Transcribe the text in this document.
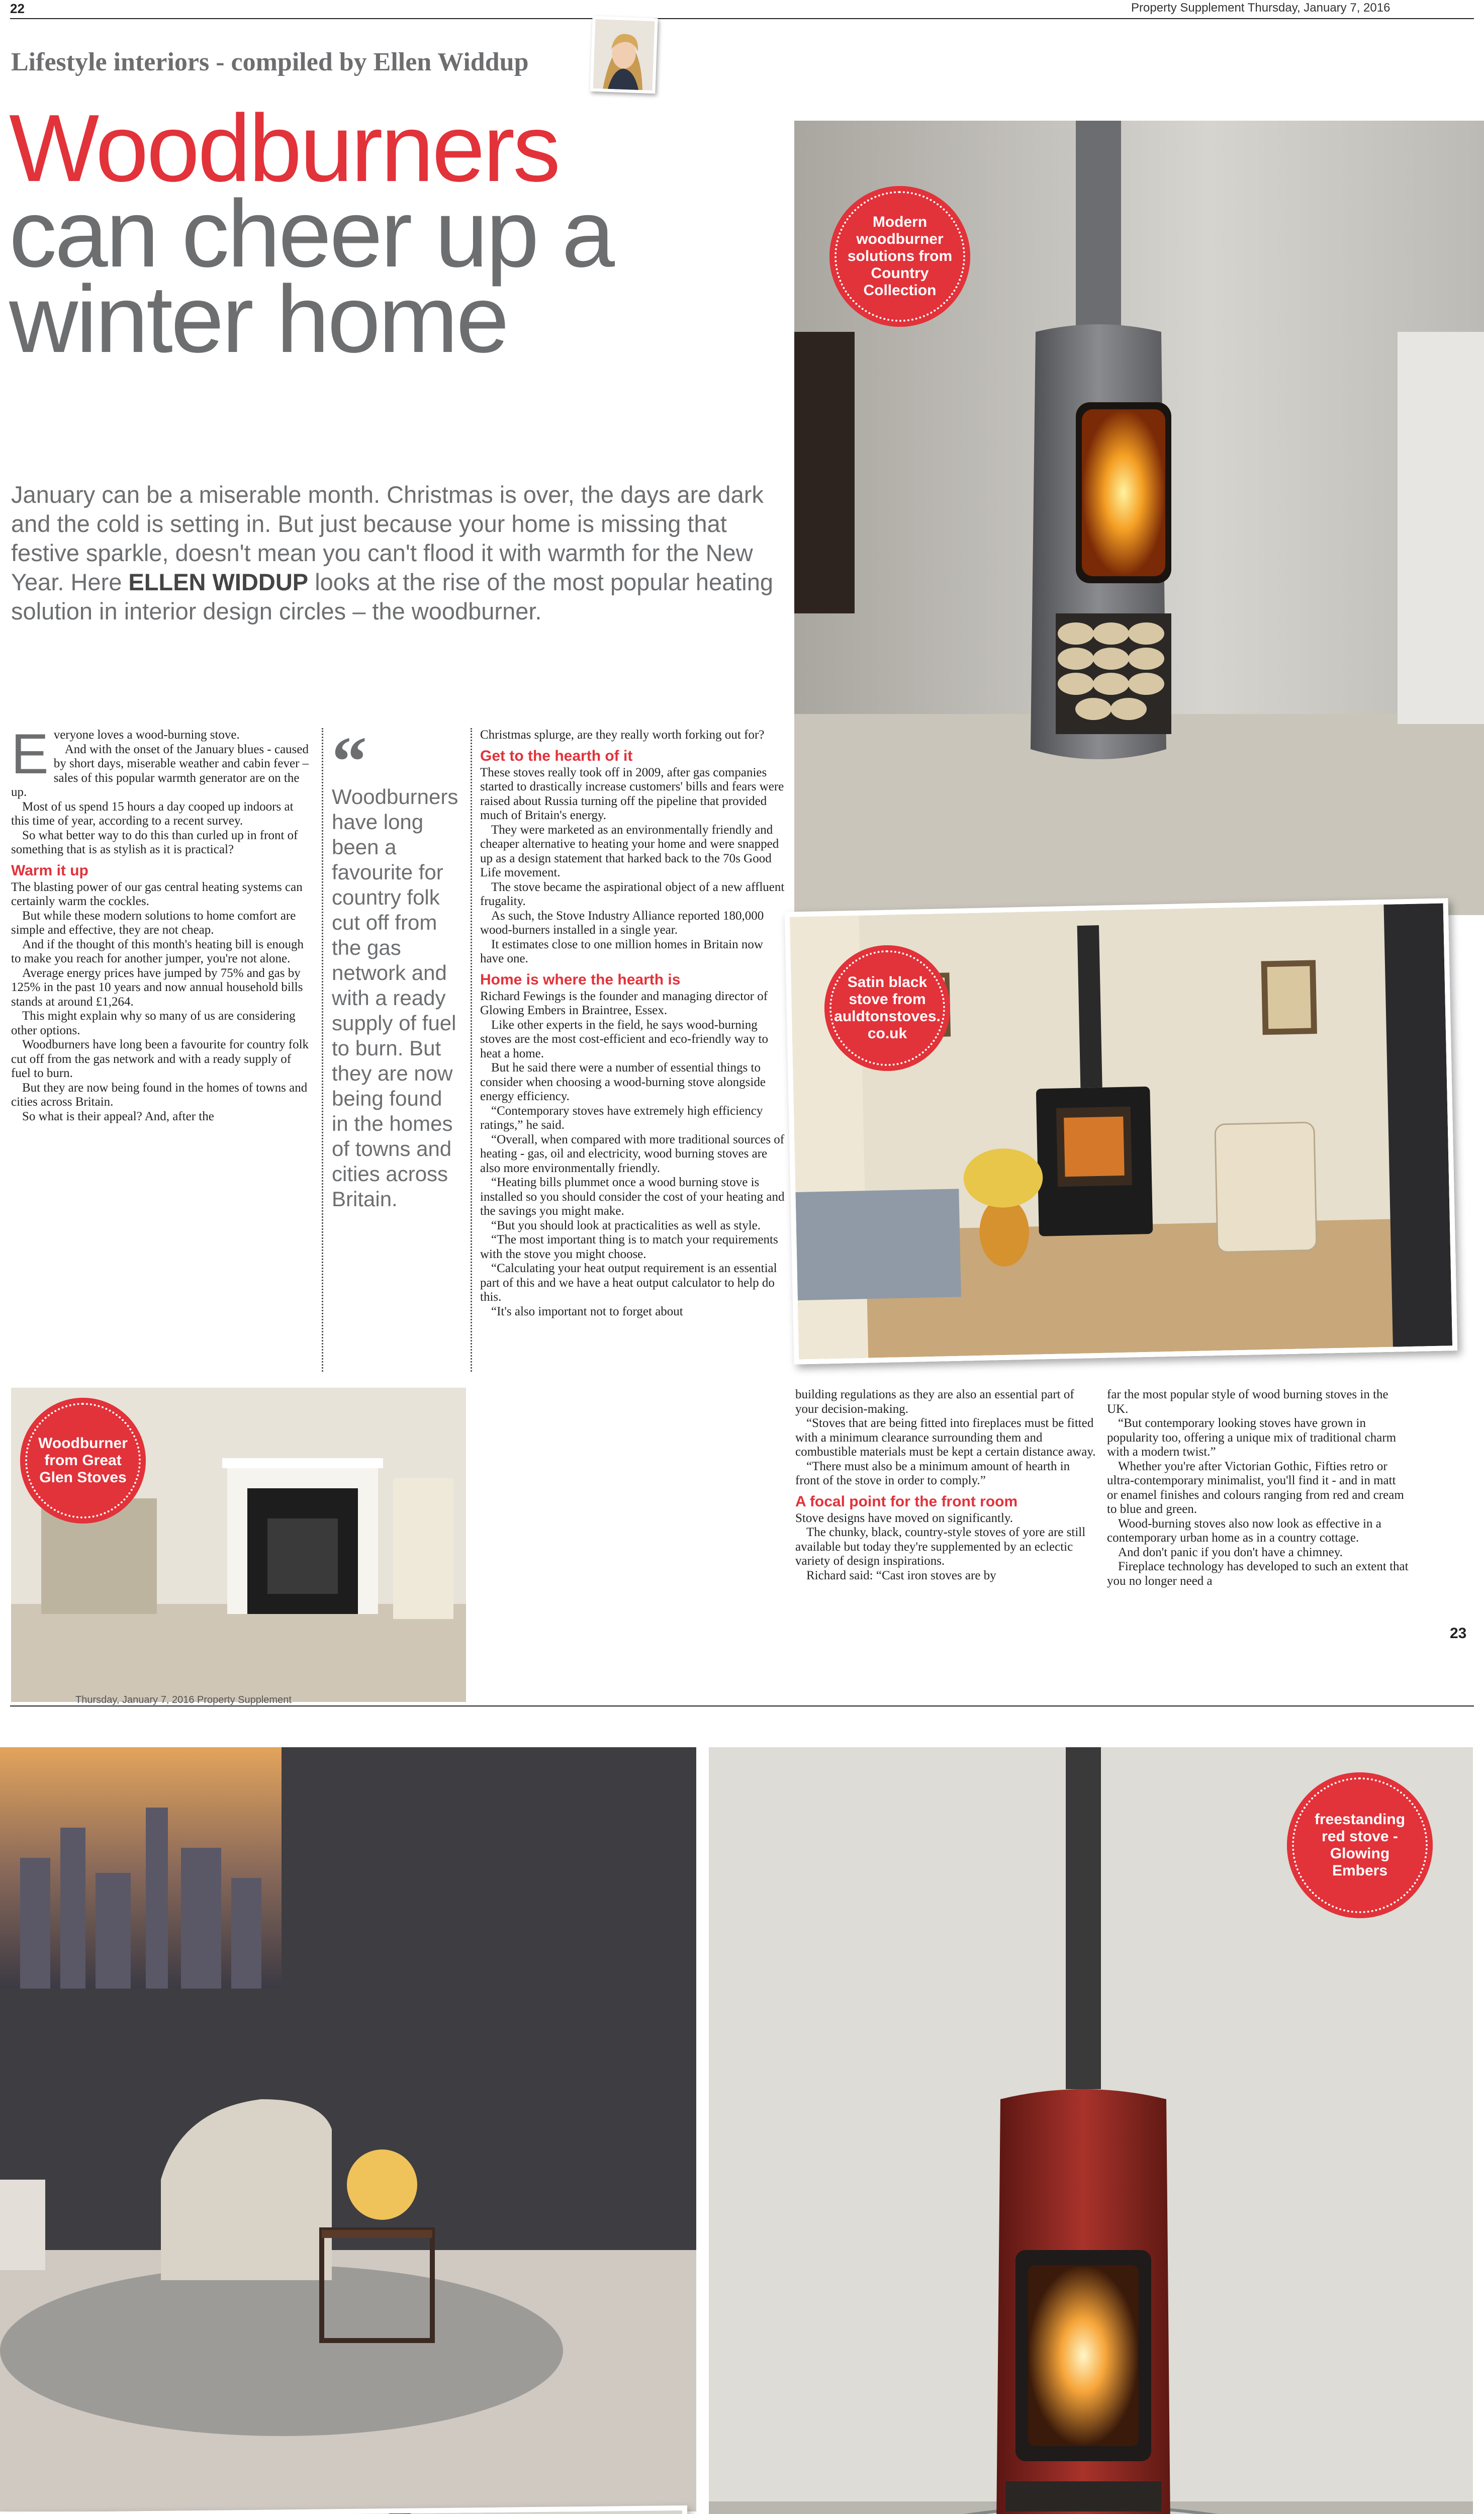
22	Property Supplement Thursday, January 7, 2016
Lifestyle interiors - compiled by Ellen Widdup
Woodburners
can cheer up a
winter home
January can be a miserable month. Christmas is over, the days are dark and the cold is setting in. But just because your home is missing that festive sparkle, doesn't mean you can't flood it with warmth for the New Year. Here ELLEN WIDDUP looks at the rise of the most popular heating solution in interior design circles – the woodburner.
E veryone loves a wood-burning stove.

And with the onset of the January blues - caused by short days, miserable weather and cabin fever – sales of this popular warmth generator are on the up.

Most of us spend 15 hours a day cooped up indoors at this time of year, according to a recent survey.

So what better way to do this than curled up in front of something that is as stylish as it is practical?

Warm it up

The blasting power of our gas central heating systems can certainly warm the cockles.

But while these modern solutions to home comfort are simple and effective, they are not cheap.

And if the thought of this month's heating bill is enough to make you reach for another jumper, you're not alone.

Average energy prices have jumped by 75% and gas by 125% in the past 10 years and now annual household bills stands at around £1,264.

This might explain why so many of us are considering other options.

Woodburners have long been a favourite for country folk cut off from the gas network and with a ready supply of fuel to burn.

But they are now being found in the homes of towns and cities across Britain.

So what is their appeal? And, after the

“
Woodburners have long been a favourite for country folk cut off from the gas network and with a ready supply of fuel to burn. But they are now being found in the homes of towns and cities across Britain.

Christmas splurge, are they really worth forking out for?

Get to the hearth of it

These stoves really took off in 2009, after gas companies started to drastically increase customers' bills and fears were raised about Russia turning off the pipeline that provided much of Britain's energy.

They were marketed as an environmentally friendly and cheaper alternative to heating your home and were snapped up as a design statement that harked back to the 70s Good Life movement.

The stove became the aspirational object of a new affluent frugality.

As such, the Stove Industry Alliance reported 180,000 wood-burners installed in a single year.

It estimates close to one million homes in Britain now have one.

Home is where the hearth is

Richard Fewings is the founder and managing director of Glowing Embers in Braintree, Essex.

Like other experts in the field, he says wood-burning stoves are the most cost-efficient and eco-friendly way to heat a home.

But he said there were a number of essential things to consider when choosing a wood-burning stove alongside energy efficiency.

“Contemporary stoves have extremely high efficiency ratings,” he said.

“Overall, when compared with more traditional sources of heating - gas, oil and electricity, wood burning stoves are also more environmentally friendly.

“Heating bills plummet once a wood burning stove is installed so you should consider the cost of your heating and the savings you might make.

“But you should look at practicalities as well as style.

“The most important thing is to match your requirements with the stove you might choose.

“Calculating your heat output requirement is an essential part of this and we have a heat output calculator to help do this.

“It's also important not to forget about

Woodburner from Great Glen Stoves
Thursday, January 7, 2016 Property Supplement

building regulations as they are also an essential part of your decision-making.

“Stoves that are being fitted into fireplaces must be fitted with a minimum clearance surrounding them and combustible materials must be kept a certain distance away.

“There must also be a minimum amount of hearth in front of the stove in order to comply.”

A focal point for the front room

Stove designs have moved on significantly.

The chunky, black, country-style stoves of yore are still available but today they're supplemented by an eclectic variety of design inspirations.

Richard said: “Cast iron stoves are by

far the most popular style of wood burning stoves in the UK.

“But contemporary looking stoves have grown in popularity too, offering a unique mix of traditional charm with a modern twist.”

Whether you're after Victorian Gothic, Fifties retro or ultra-contemporary minimalist, you'll find it - and in matt or enamel finishes and colours ranging from red and cream to blue and green.

Wood-burning stoves also now look as effective in a contemporary urban home as in a country cottage.

And don't panic if you don't have a chimney.

Fireplace technology has developed to such an extent that you no longer need a

23
Modern woodburner solutions from Country Collection
Satin black stove from auldtonstoves. co.uk
freestanding red stove - Glowing Embers
